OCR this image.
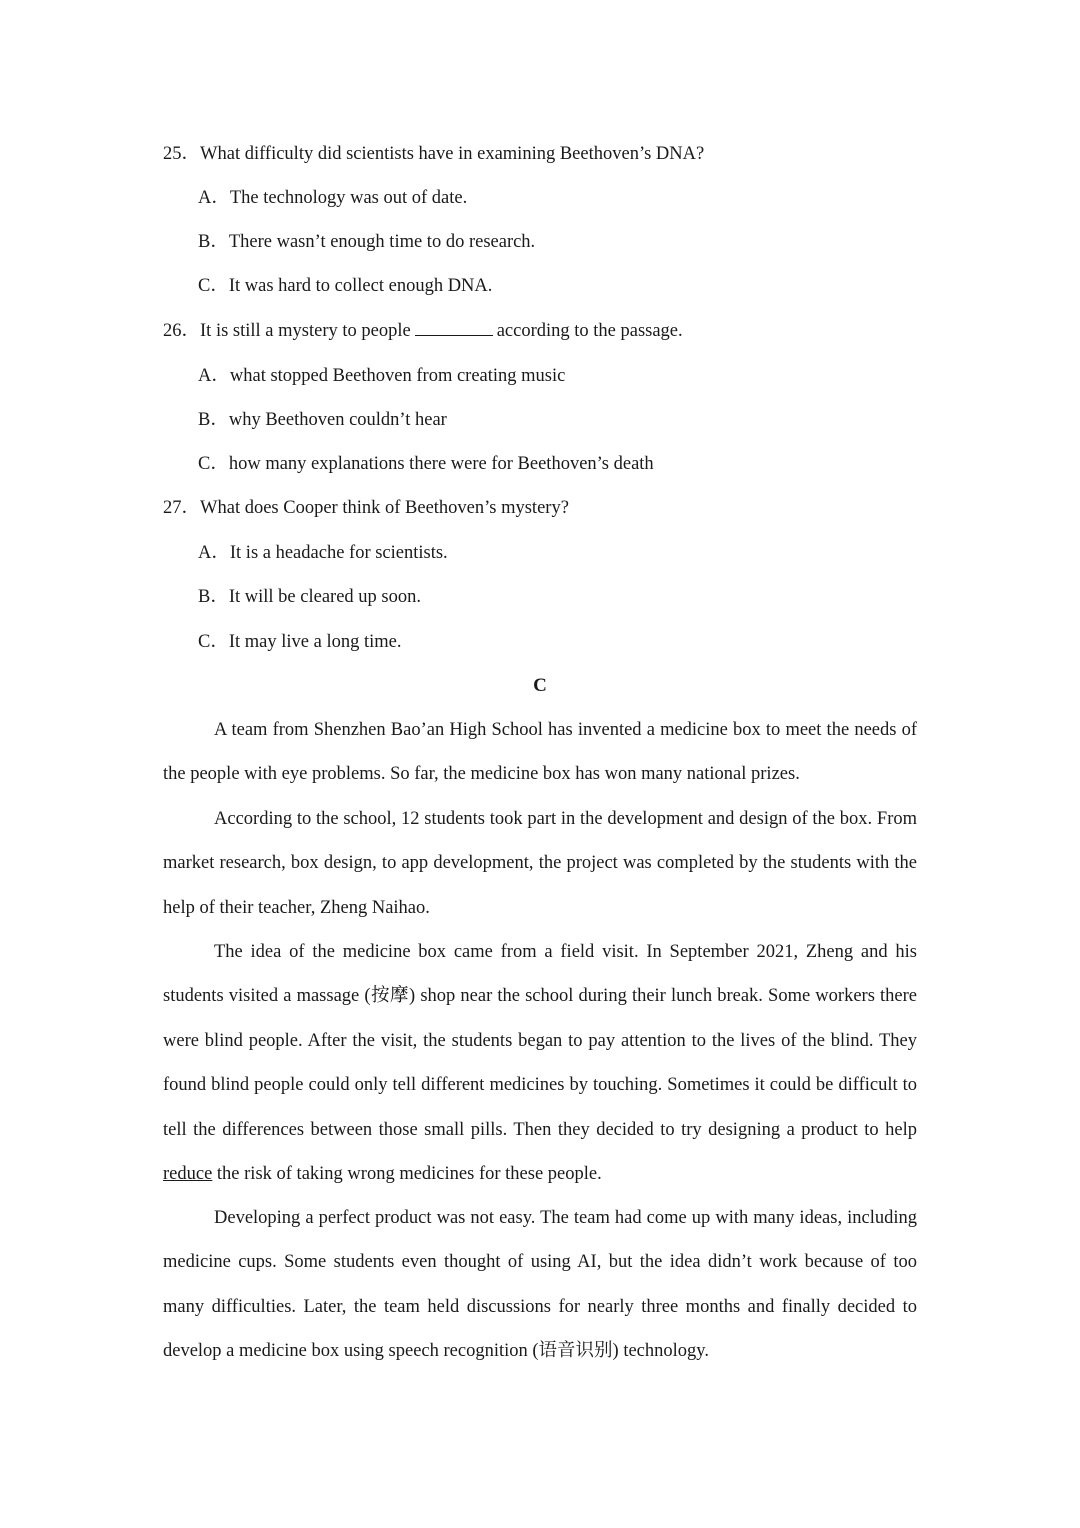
25．What difficulty did scientists have in examining Beethoven’s DNA?
A．The technology was out of date.
B．There wasn’t enough time to do research.
C．It was hard to collect enough DNA.
26．It is still a mystery to people	according to the passage.
A．what stopped Beethoven from creating music
B．why Beethoven couldn’t hear
C．how many explanations there were for Beethoven’s death
27．What does Cooper think of Beethoven’s mystery?
A．It is a headache for scientists.
B．It will be cleared up soon.
C．It may live a long time.
C

A team from Shenzhen Bao’an High School has invented a medicine box to meet the needs of the people with eye problems. So far, the medicine box has won many national prizes.

According to the school, 12 students took part in the development and design of the box. From market research, box design, to app development, the project was completed by the students with the help of their teacher, Zheng Naihao.

The idea of the medicine box came from a field visit. In September 2021, Zheng and his students visited a massage (按摩) shop near the school during their lunch break. Some workers there were blind people. After the visit, the students began to pay attention to the lives of the blind. They found blind people could only tell different medicines by touching. Sometimes it could be difficult to tell the differences between those small pills. Then they decided to try designing a product to help reduce the risk of taking wrong medicines for these people.

Developing a perfect product was not easy. The team had come up with many ideas, including medicine cups. Some students even thought of using AI, but the idea didn’t work because of too many difficulties. Later, the team held discussions for nearly three months and finally decided to develop a medicine box using speech recognition (语音识别) technology.
